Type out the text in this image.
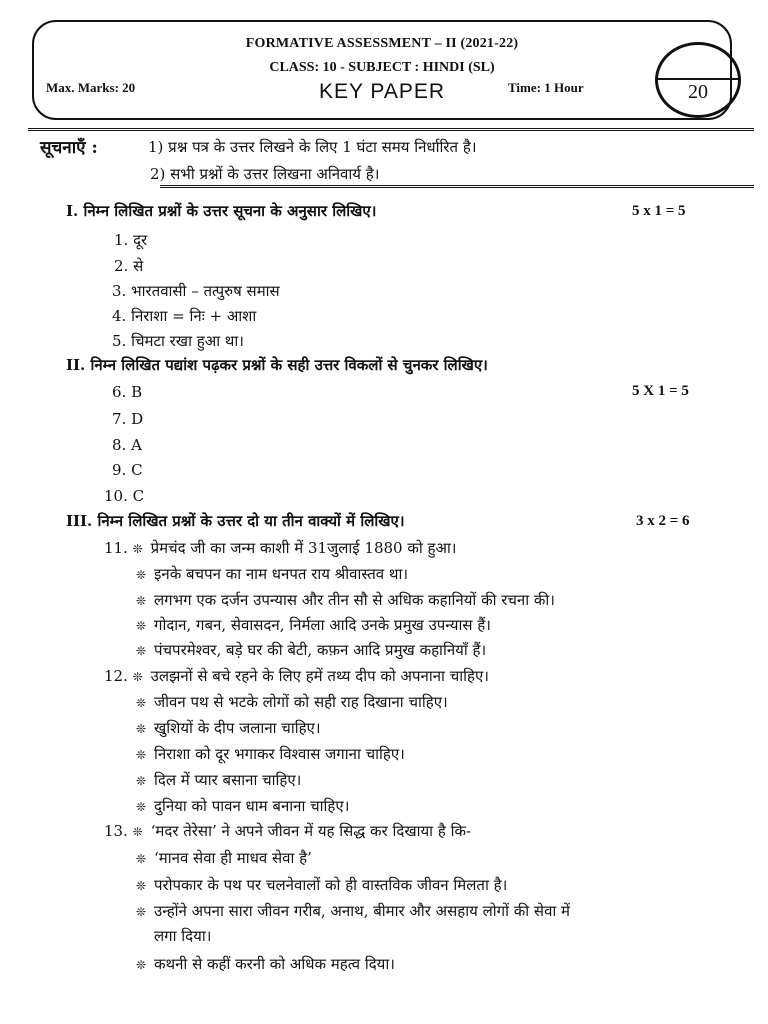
FORMATIVE ASSESSMENT – II (2021-22)
CLASS: 10 - SUBJECT : HINDI (SL)
KEY PAPER
Max. Marks: 20	Time: 1 Hour	20
सूचनाएँ :	1) प्रश्न पत्र के उत्तर लिखने के लिए 1 घंटा समय निर्धारित है।
2) सभी प्रश्नों के उत्तर लिखना अनिवार्य है।
I. निम्न लिखित प्रश्नों के उत्तर सूचना के अनुसार लिखिए।	5 x 1 = 5
1. दूर
2. से
3. भारतवासी – तत्पुरुष समास
4. निराशा = निः + आशा
5. चिमटा रखा हुआ था।
II. निम्न लिखित पद्यांश पढ़कर प्रश्नों के सही उत्तर विकलों से चुनकर लिखिए।
5 X 1 = 5
6. B
7. D
8. A
9. C
10. C
III. निम्न लिखित प्रश्नों के उत्तर दो या तीन वाक्यों में लिखिए।	3 x 2 = 6
11. ❊ प्रेमचंद जी का जन्म काशी में 31जुलाई 1880 को हुआ।
❊ इनके बचपन का नाम धनपत राय श्रीवास्तव था।
❊ लगभग एक दर्जन उपन्यास और तीन सौ से अधिक कहानियों की रचना की।
❊ गोदान, गबन, सेवासदन, निर्मला आदि उनके प्रमुख उपन्यास हैं।
❊ पंचपरमेश्वर, बड़े घर की बेटी, कफ़न आदि प्रमुख कहानियाँ हैं।
12. ❊ उलझनों से बचे रहने के लिए हमें तथ्य दीप को अपनाना चाहिए।
❊ जीवन पथ से भटके लोगों को सही राह दिखाना चाहिए।
❊ खुशियों के दीप जलाना चाहिए।
❊ निराशा को दूर भगाकर विश्वास जगाना चाहिए।
❊ दिल में प्यार बसाना चाहिए।
❊ दुनिया को पावन धाम बनाना चाहिए।
13. ❊ ‘मदर तेरेसा’ ने अपने जीवन में यह सिद्ध कर दिखाया है कि-
❊ ‘मानव सेवा ही माधव सेवा है’
❊ परोपकार के पथ पर चलनेवालों को ही वास्तविक जीवन मिलता है।
❊ उन्होंने अपना सारा जीवन गरीब, अनाथ, बीमार और असहाय लोगों की सेवा में
लगा दिया।
❊ कथनी से कहीं करनी को अधिक महत्व दिया।
